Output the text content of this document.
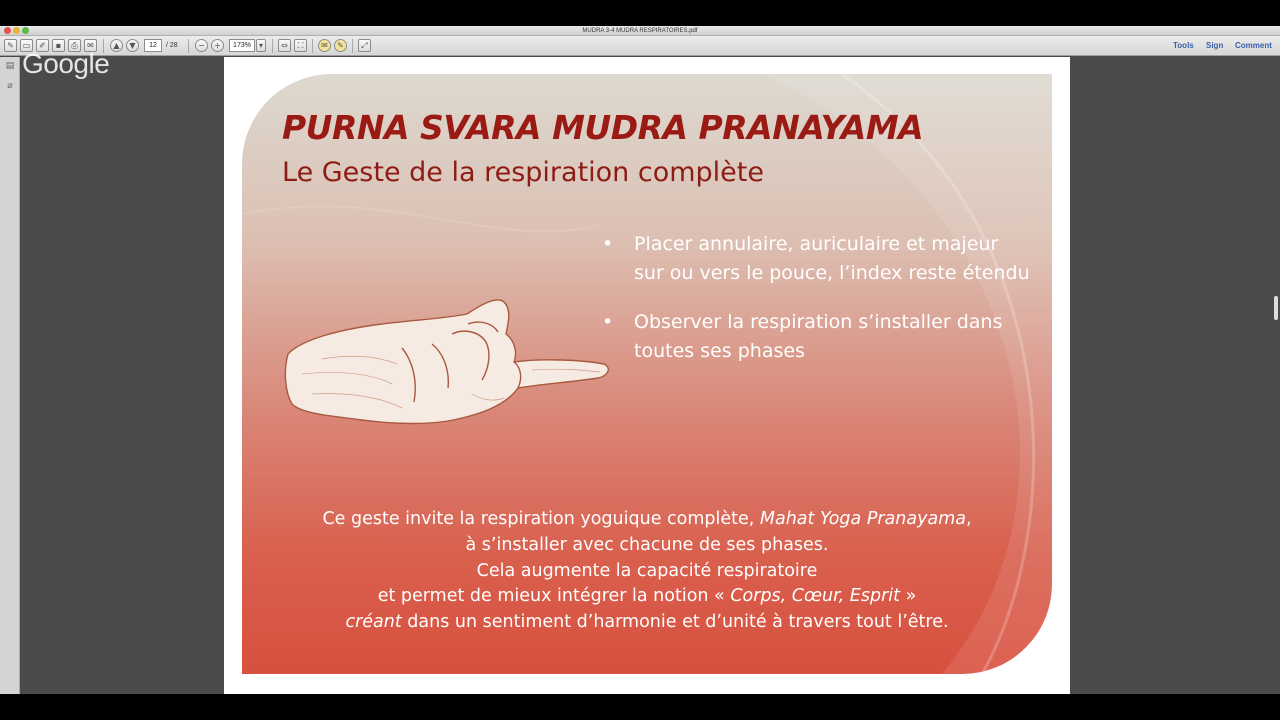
MUDRA 3-4 MUDRA RESPIRATOIRES.pdf
✎	▭	✐	▪	⎙	✉	▲	▼	12	/ 28	−	+	173%	▾	⇔	⛶	✉	✎	⤢	Tools Sign Comment
▤
⌀
PURNA SVARA MUDRA PRANAYAMA
Le Geste de la respiration complète
• Placer annulaire, auriculaire et majeur sur ou vers le pouce, l’index reste étendu
• Observer la respiration s’installer dans toutes ses phases
Ce geste invite la respiration yoguique complète, Mahat Yoga Pranayama,
à s’installer avec chacune de ses phases.
Cela augmente la capacité respiratoire
et permet de mieux intégrer la notion « Corps, Cœur, Esprit »
créant dans un sentiment d’harmonie et d’unité à travers tout l’être.
Google
